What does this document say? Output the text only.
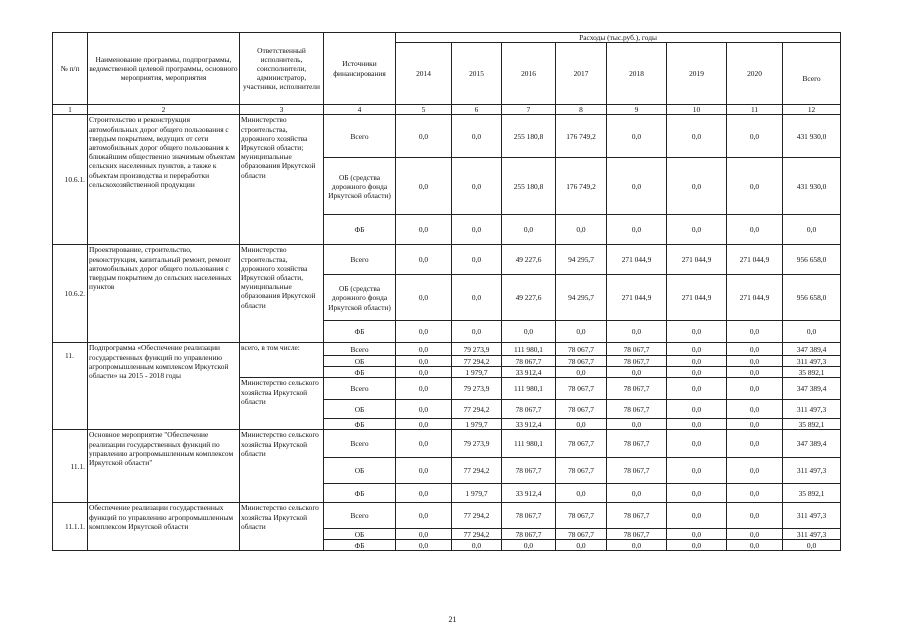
№ п/п	Наименование программы, подпрограммы, ведомственной целевой программы, основного мероприятия, мероприятия	Ответственный исполнитель, соисполнители, администратор, участники, исполнители	Источники финансирования	Расходы (тыс.руб.), годы							
				2014	2015	2016	2017	2018	2019	2020	Всего
1	2	3	4	5	6	7	8	9	10	11	12
10.6.1.	Строительство и реконструкция автомобильных дорог общего пользования с твердым покрытием, ведущих от сети автомобильных дорог общего пользования к ближайшим общественно значимым объектам сельских населенных пунктов, а также к объектам производства и переработки сельскохозяйственной продукции	Министерство строительства, дорожного хозяйства Иркутской области; муниципальные образования Иркутской области	Всего	0,0	0,0	255 180,8	176 749,2	0,0	0,0	0,0	431 930,0
			ОБ (средства дорожного фонда Иркутской области)	0,0	0,0	255 180,8	176 749,2	0,0	0,0	0,0	431 930,0
			ФБ	0,0	0,0	0,0	0,0	0,0	0,0	0,0	0,0
10.6.2.	Проектирование, строительство, реконструкция, капитальный ремонт, ремонт автомобильных дорог общего пользования с твердым покрытием до сельских населенных пунктов	Министерство строительства, дорожного хозяйства Иркутской области, муниципальные образования Иркутской области	Всего	0,0	0,0	49 227,6	94 295,7	271 044,9	271 044,9	271 044,9	956 658,0
			ОБ (средства дорожного фонда Иркутской области)	0,0	0,0	49 227,6	94 295,7	271 044,9	271 044,9	271 044,9	956 658,0
			ФБ	0,0	0,0	0,0	0,0	0,0	0,0	0,0	0,0
11.	Подпрограмма «Обеспечение реализации государственных функций по управлению агропромышленным комплексом Иркутской области» на 2015 - 2018 годы	всего, в том числе:	Всего	0,0	79 273,9	111 980,1	78 067,7	78 067,7	0,0	0,0	347 389,4
			ОБ	0,0	77 294,2	78 067,7	78 067,7	78 067,7	0,0	0,0	311 497,3
			ФБ	0,0	1 979,7	33 912,4	0,0	0,0	0,0	0,0	35 892,1
		Министерство сельского хозяйства Иркутской области	Всего	0,0	79 273,9	111 980,1	78 067,7	78 067,7	0,0	0,0	347 389,4
			ОБ	0,0	77 294,2	78 067,7	78 067,7	78 067,7	0,0	0,0	311 497,3
			ФБ	0,0	1 979,7	33 912,4	0,0	0,0	0,0	0,0	35 892,1
11.1.	Основное мероприятие "Обеспечение реализации государственных функций по управлению агропромышленным комплексом Иркутской области"	Министерство сельского хозяйства Иркутской области	Всего	0,0	79 273,9	111 980,1	78 067,7	78 067,7	0,0	0,0	347 389,4
			ОБ	0,0	77 294,2	78 067,7	78 067,7	78 067,7	0,0	0,0	311 497,3
			ФБ	0,0	1 979,7	33 912,4	0,0	0,0	0,0	0,0	35 892,1
11.1.1.	Обеспечение реализации государственных функций по управлению агропромышленным комплексом Иркутской области	Министерство сельского хозяйства Иркутской области	Всего	0,0	77 294,2	78 067,7	78 067,7	78 067,7	0,0	0,0	311 497,3
			ОБ	0,0	77 294,2	78 067,7	78 067,7	78 067,7	0,0	0,0	311 497,3
			ФБ	0,0	0,0	0,0	0,0	0,0	0,0	0,0	0,0
21
